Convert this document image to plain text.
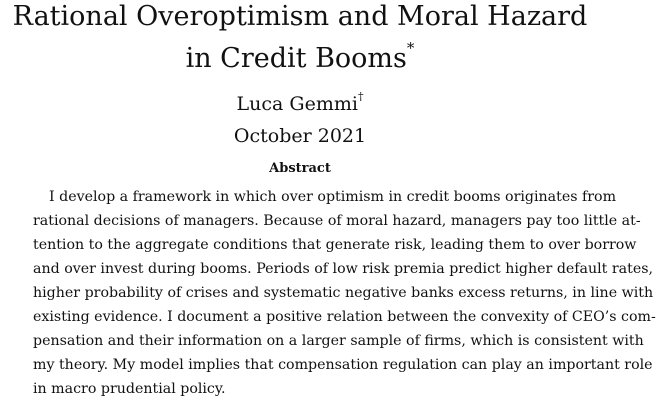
Rational Overoptimism and Moral Hazard
in Credit Booms*
Luca Gemmi†
October 2021
Abstract
I develop a framework in which over optimism in credit booms originates from
rational decisions of managers. Because of moral hazard, managers pay too little at-
tention to the aggregate conditions that generate risk, leading them to over borrow
and over invest during booms. Periods of low risk premia predict higher default rates,
higher probability of crises and systematic negative banks excess returns, in line with
existing evidence. I document a positive relation between the convexity of CEO’s com-
pensation and their information on a larger sample of firms, which is consistent with
my theory. My model implies that compensation regulation can play an important role
in macro prudential policy.
